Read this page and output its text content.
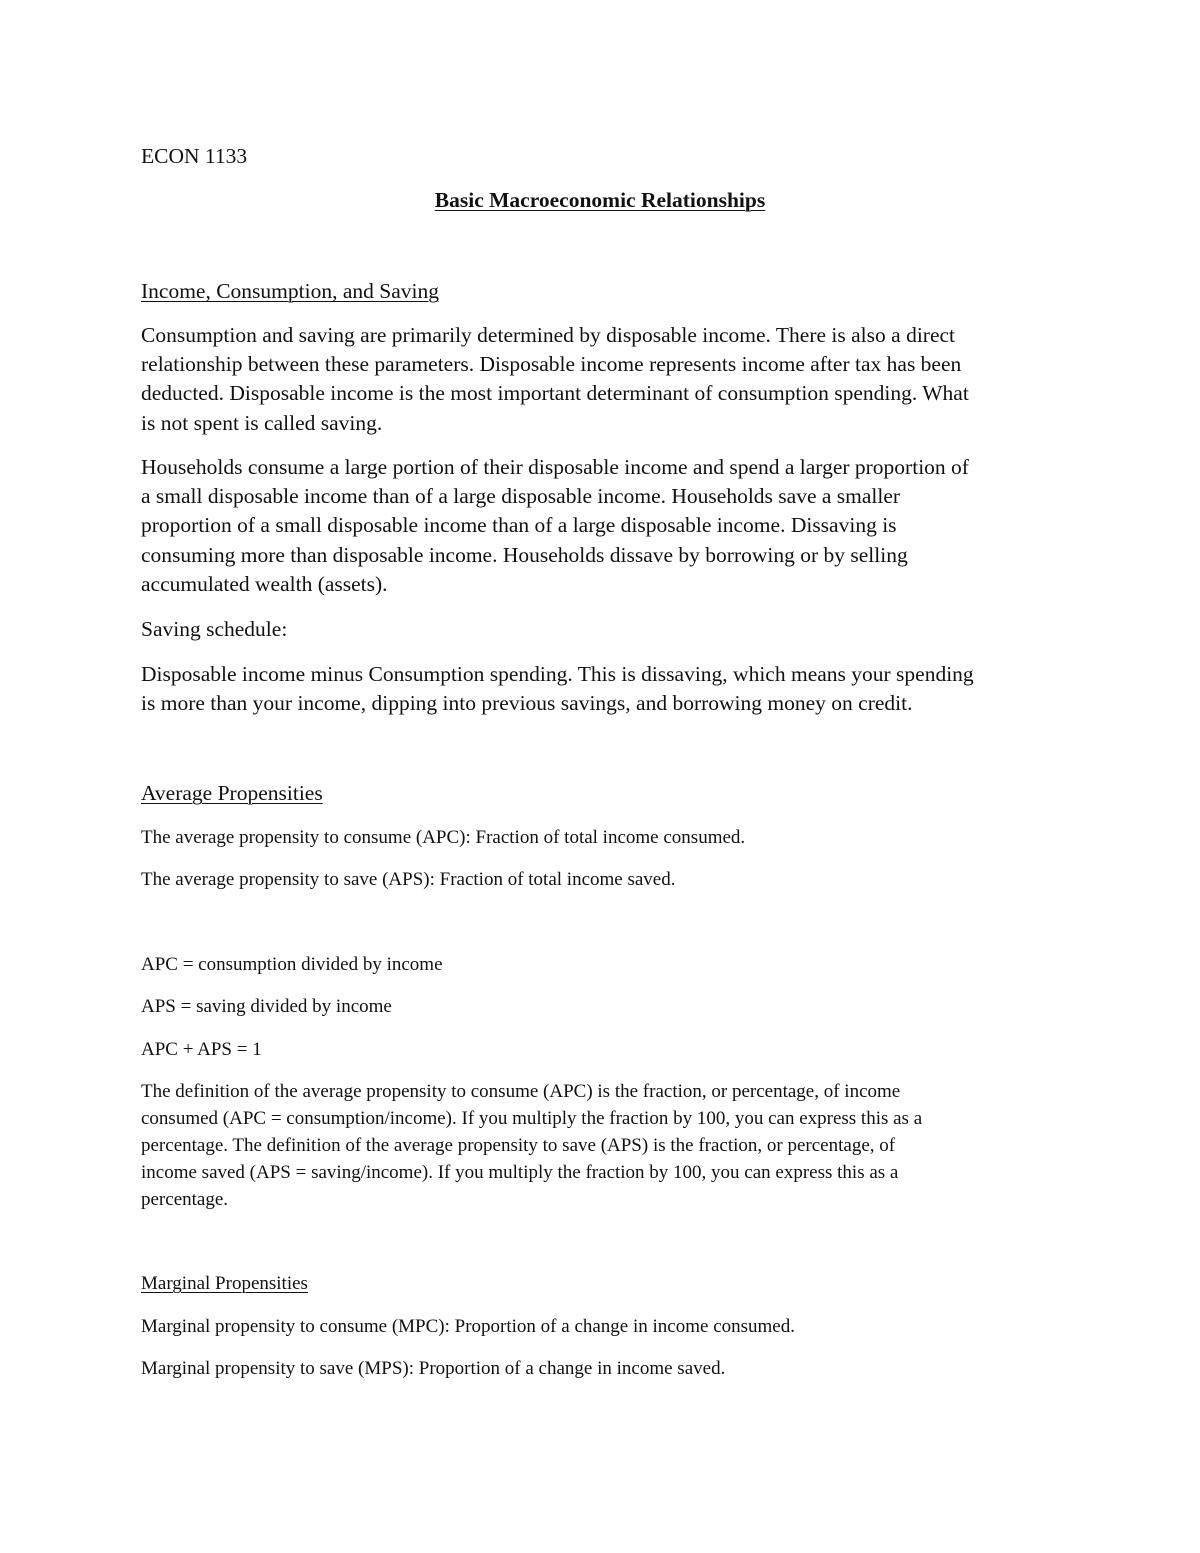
ECON 1133

Basic Macroeconomic Relationships

Income, Consumption, and Saving

Consumption and saving are primarily determined by disposable income. There is also a direct
relationship between these parameters. Disposable income represents income after tax has been
deducted. Disposable income is the most important determinant of consumption spending. What
is not spent is called saving.
Households consume a large portion of their disposable income and spend a larger proportion of
a small disposable income than of a large disposable income. Households save a smaller
proportion of a small disposable income than of a large disposable income. Dissaving is
consuming more than disposable income. Households dissave by borrowing or by selling
accumulated wealth (assets).

Saving schedule:

Disposable income minus Consumption spending. This is dissaving, which means your spending
is more than your income, dipping into previous savings, and borrowing money on credit.

Average Propensities

The average propensity to consume (APC): Fraction of total income consumed.

The average propensity to save (APS): Fraction of total income saved.

APC = consumption divided by income

APS = saving divided by income

APC + APS = 1

The definition of the average propensity to consume (APC) is the fraction, or percentage, of income
consumed (APC = consumption/income). If you multiply the fraction by 100, you can express this as a
percentage. The definition of the average propensity to save (APS) is the fraction, or percentage, of
income saved (APS = saving/income). If you multiply the fraction by 100, you can express this as a
percentage.

Marginal Propensities

Marginal propensity to consume (MPC): Proportion of a change in income consumed.

Marginal propensity to save (MPS): Proportion of a change in income saved.
